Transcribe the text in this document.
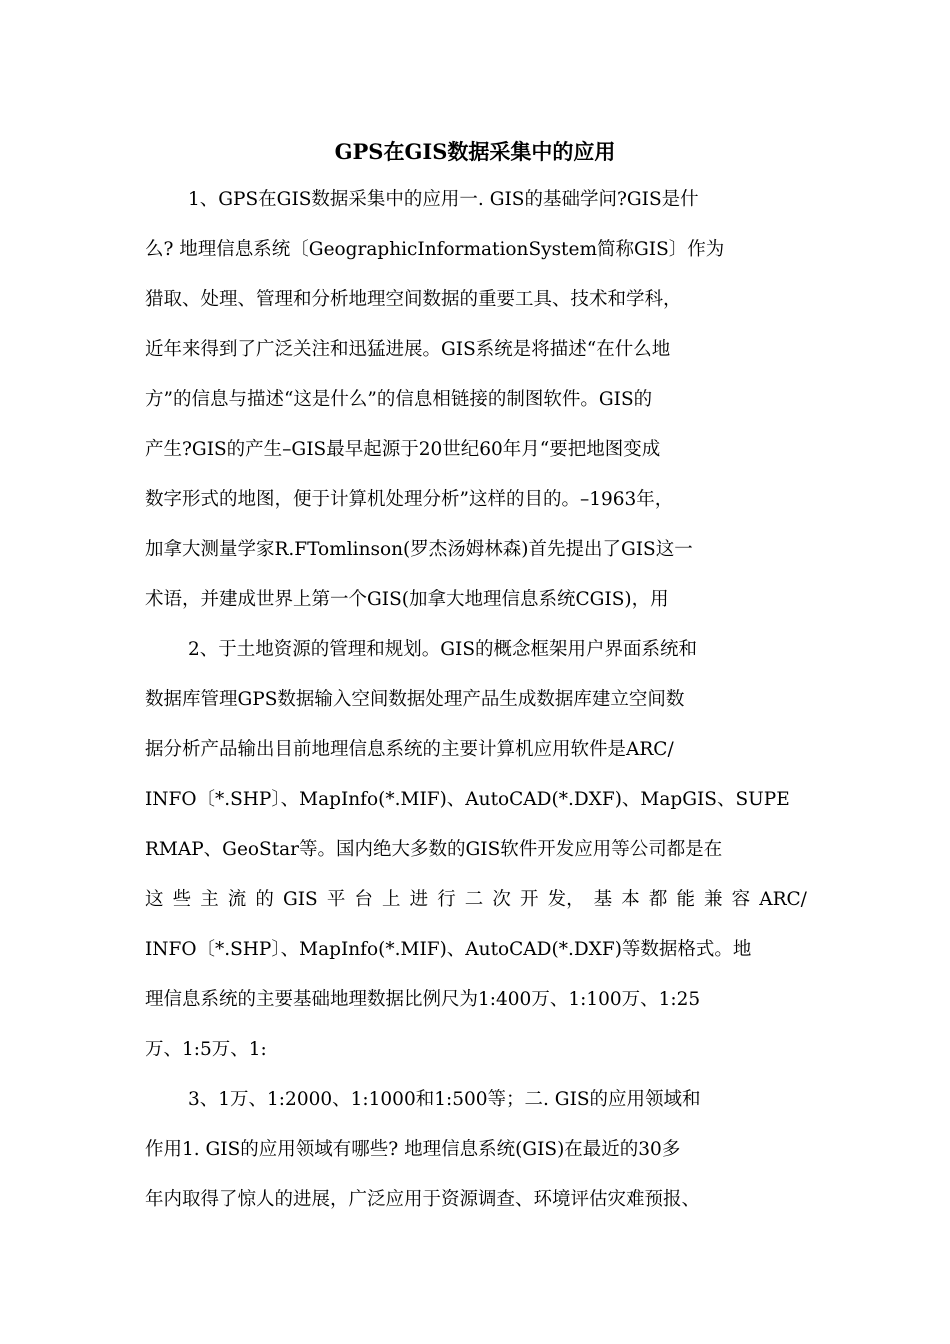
GPS在GIS数据采集中的应用
1、GPS在GIS数据采集中的应用一. GIS的基础学问?GIS是什
么? 地理信息系统〔GeographicInformationSystem简称GIS〕作为
猎取、处理、管理和分析地理空间数据的重要工具、技术和学科，
近年来得到了广泛关注和迅猛进展。GIS系统是将描述“在什么地
方”的信息与描述“这是什么”的信息相链接的制图软件。GIS的
产生?GIS的产生–GIS最早起源于20世纪60年月“要把地图变成
数字形式的地图，便于计算机处理分析”这样的目的。–1963年，
加拿大测量学家R.FTomlinson(罗杰汤姆林森)首先提出了GIS这一
术语，并建成世界上第一个GIS(加拿大地理信息系统CGIS)，用
2、于土地资源的管理和规划。GIS的概念框架用户界面系统和
数据库管理GPS数据输入空间数据处理产品生成数据库建立空间数
据分析产品输出目前地理信息系统的主要计算机应用软件是ARC/
INFO〔*.SHP〕、MapInfo(*.MIF)、AutoCAD(*.DXF)、MapGIS、SUPE
RMAP、GeoStar等。国内绝大多数的GIS软件开发应用等公司都是在
这 些 主 流 的 GIS 平 台 上 进 行 二 次 开 发， 基 本 都 能 兼 容 ARC/
INFO〔*.SHP〕、MapInfo(*.MIF)、AutoCAD(*.DXF)等数据格式。地
理信息系统的主要基础地理数据比例尺为1:400万、1:100万、1:25
万、1:5万、1:
3、1万、1:2000、1:1000和1:500等；二. GIS的应用领域和
作用1. GIS的应用领域有哪些? 地理信息系统(GIS)在最近的30多
年内取得了惊人的进展，广泛应用于资源调查、环境评估灾难预报、
